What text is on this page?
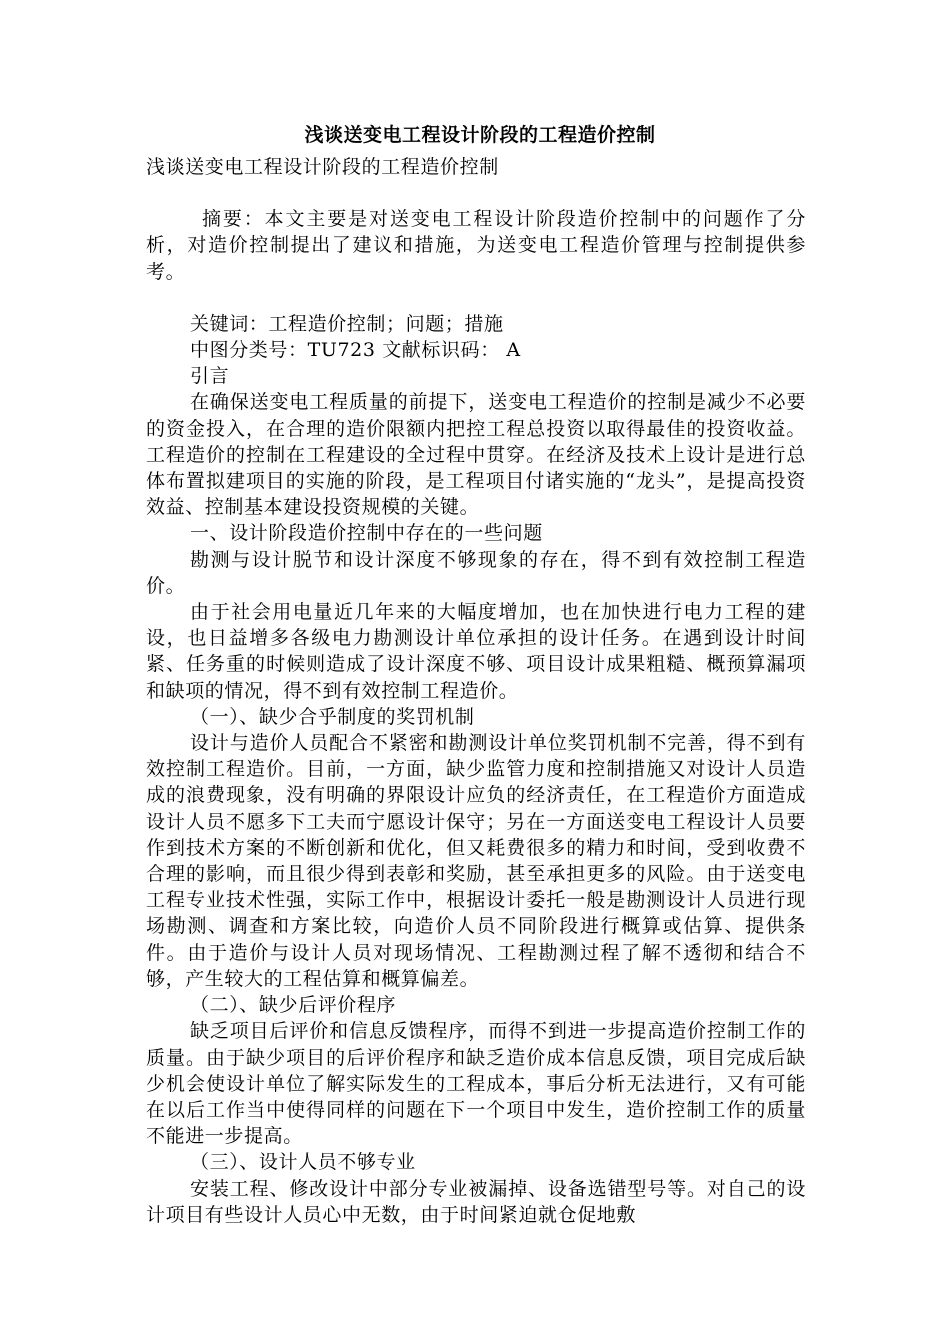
浅谈送变电工程设计阶段的工程造价控制

浅谈送变电工程设计阶段的工程造价控制

摘要：本文主要是对送变电工程设计阶段造价控制中的问题作了分析，对造价控制提出了建议和措施，为送变电工程造价管理与控制提供参考。

关键词：工程造价控制；问题；措施

中图分类号：TU723 文献标识码： A

引言

在确保送变电工程质量的前提下，送变电工程造价的控制是减少不必要的资金投入，在合理的造价限额内把控工程总投资以取得最佳的投资收益。工程造价的控制在工程建设的全过程中贯穿。在经济及技术上设计是进行总体布置拟建项目的实施的阶段，是工程项目付诸实施的“龙头”，是提高投资效益、控制基本建设投资规模的关键。

一、设计阶段造价控制中存在的一些问题

勘测与设计脱节和设计深度不够现象的存在，得不到有效控制工程造价。

由于社会用电量近几年来的大幅度增加，也在加快进行电力工程的建设，也日益增多各级电力勘测设计单位承担的设计任务。在遇到设计时间紧、任务重的时候则造成了设计深度不够、项目设计成果粗糙、概预算漏项和缺项的情况，得不到有效控制工程造价。

（一）、缺少合乎制度的奖罚机制

设计与造价人员配合不紧密和勘测设计单位奖罚机制不完善，得不到有效控制工程造价。目前，一方面，缺少监管力度和控制措施又对设计人员造成的浪费现象，没有明确的界限设计应负的经济责任，在工程造价方面造成设计人员不愿多下工夫而宁愿设计保守；另在一方面送变电工程设计人员要作到技术方案的不断创新和优化，但又耗费很多的精力和时间，受到收费不合理的影响，而且很少得到表彰和奖励，甚至承担更多的风险。由于送变电工程专业技术性强，实际工作中，根据设计委托一般是勘测设计人员进行现场勘测、调查和方案比较，向造价人员不同阶段进行概算或估算、提供条件。由于造价与设计人员对现场情况、工程勘测过程了解不透彻和结合不够，产生较大的工程估算和概算偏差。

（二）、缺少后评价程序

缺乏项目后评价和信息反馈程序，而得不到进一步提高造价控制工作的质量。由于缺少项目的后评价程序和缺乏造价成本信息反馈，项目完成后缺少机会使设计单位了解实际发生的工程成本，事后分析无法进行，又有可能在以后工作当中使得同样的问题在下一个项目中发生，造价控制工作的质量不能进一步提高。

（三）、设计人员不够专业

安装工程、修改设计中部分专业被漏掉、设备选错型号等。对自己的设计项目有些设计人员心中无数，由于时间紧迫就仓促地敷
